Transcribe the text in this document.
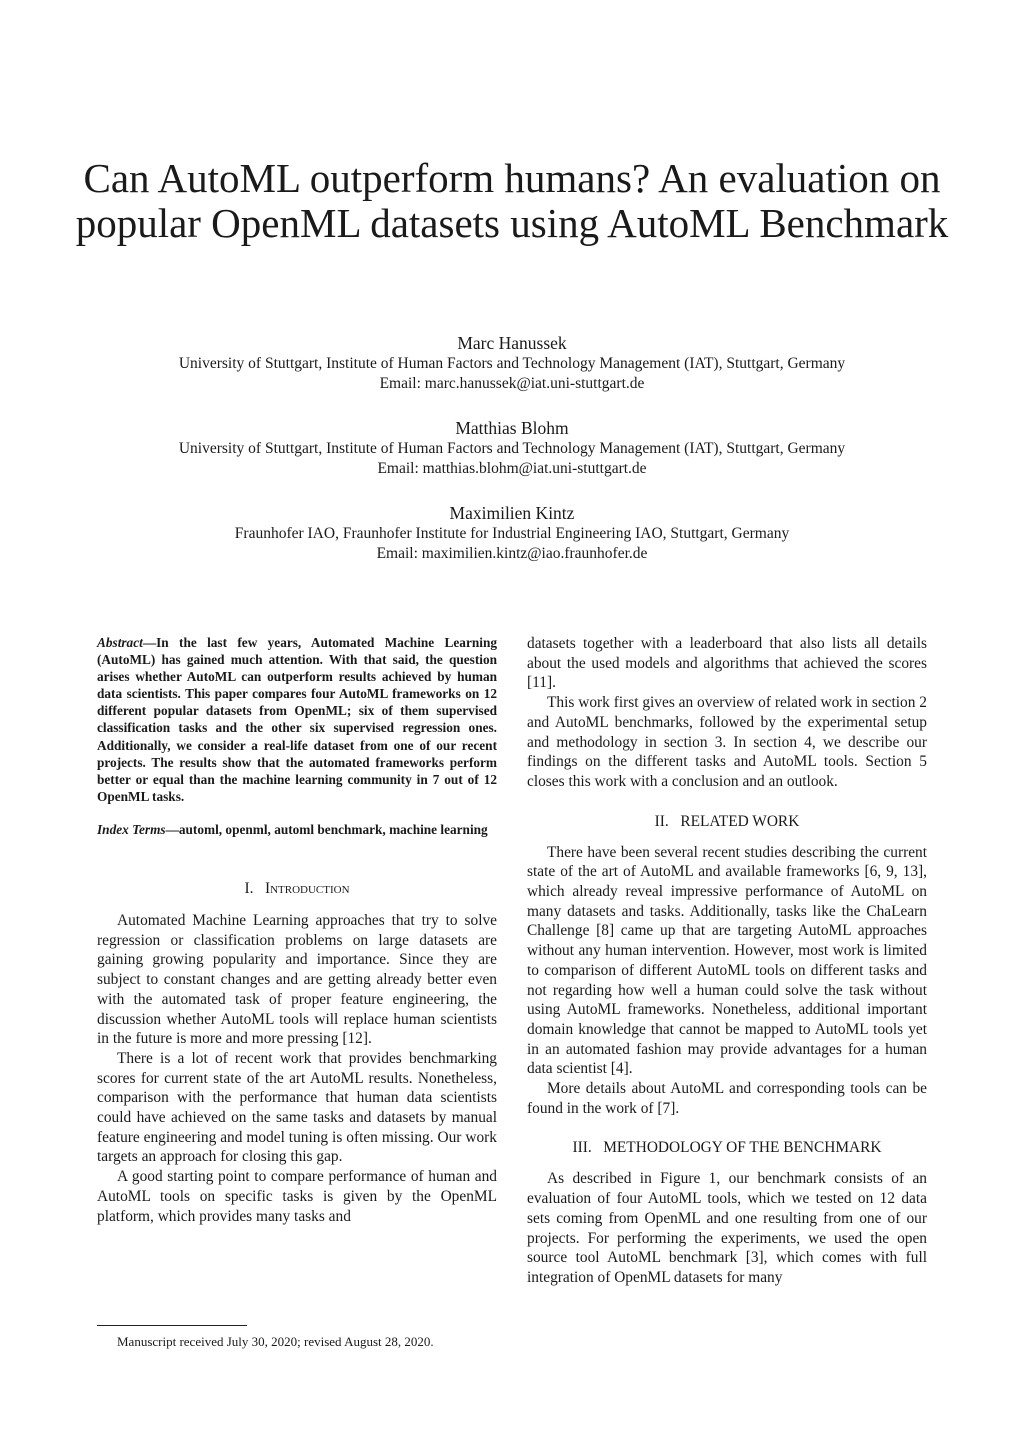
Can AutoML outperform humans? An evaluation on popular OpenML datasets using AutoML Benchmark
Marc Hanussek
University of Stuttgart, Institute of Human Factors and Technology Management (IAT), Stuttgart, Germany
Email: marc.hanussek@iat.uni-stuttgart.de
Matthias Blohm
University of Stuttgart, Institute of Human Factors and Technology Management (IAT), Stuttgart, Germany
Email: matthias.blohm@iat.uni-stuttgart.de
Maximilien Kintz
Fraunhofer IAO, Fraunhofer Institute for Industrial Engineering IAO, Stuttgart, Germany
Email: maximilien.kintz@iao.fraunhofer.de

Abstract—In the last few years, Automated Machine Learning (AutoML) has gained much attention. With that said, the question arises whether AutoML can outperform results achieved by human data scientists. This paper compares four AutoML frameworks on 12 different popular datasets from OpenML; six of them supervised classification tasks and the other six supervised regression ones. Additionally, we consider a real-life dataset from one of our recent projects. The results show that the automated frameworks perform better or equal than the machine learning community in 7 out of 12 OpenML tasks.

Index Terms—automl, openml, automl benchmark, machine learning

I. Introduction

Automated Machine Learning approaches that try to solve regression or classification problems on large datasets are gaining growing popularity and importance. Since they are subject to constant changes and are getting already better even with the automated task of proper feature engineering, the discussion whether AutoML tools will replace human scientists in the future is more and more pressing [12].

There is a lot of recent work that provides benchmarking scores for current state of the art AutoML results. Nonetheless, comparison with the performance that human data scientists could have achieved on the same tasks and datasets by manual feature engineering and model tuning is often missing. Our work targets an approach for closing this gap.

A good starting point to compare performance of human and AutoML tools on specific tasks is given by the OpenML platform, which provides many tasks and

datasets together with a leaderboard that also lists all details about the used models and algorithms that achieved the scores [11].

This work first gives an overview of related work in section 2 and AutoML benchmarks, followed by the experimental setup and methodology in section 3. In section 4, we describe our findings on the different tasks and AutoML tools. Section 5 closes this work with a conclusion and an outlook.

II. RELATED WORK

There have been several recent studies describing the current state of the art of AutoML and available frameworks [6, 9, 13], which already reveal impressive performance of AutoML on many datasets and tasks. Additionally, tasks like the ChaLearn Challenge [8] came up that are targeting AutoML approaches without any human intervention. However, most work is limited to comparison of different AutoML tools on different tasks and not regarding how well a human could solve the task without using AutoML frameworks. Nonetheless, additional important domain knowledge that cannot be mapped to AutoML tools yet in an automated fashion may provide advantages for a human data scientist [4].

More details about AutoML and corresponding tools can be found in the work of [7].

III. METHODOLOGY OF THE BENCHMARK

As described in Figure 1, our benchmark consists of an evaluation of four AutoML tools, which we tested on 12 data sets coming from OpenML and one resulting from one of our projects. For performing the experiments, we used the open source tool AutoML benchmark [3], which comes with full integration of OpenML datasets for many

Manuscript received July 30, 2020; revised August 28, 2020.
